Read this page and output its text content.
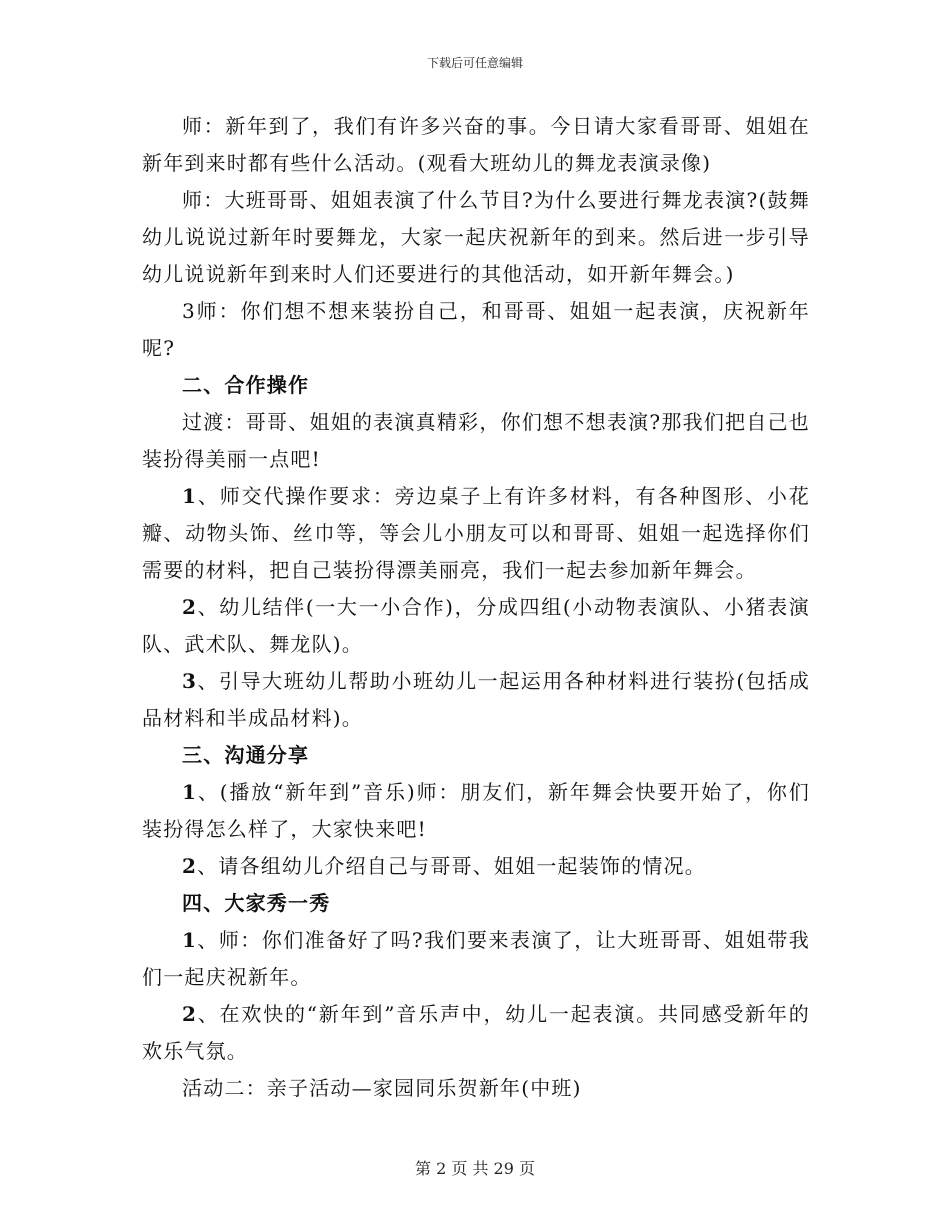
下载后可任意编辑

师：新年到了，我们有许多兴奋的事。今日请大家看哥哥、姐姐在新年到来时都有些什么活动。(观看大班幼儿的舞龙表演录像)

师：大班哥哥、姐姐表演了什么节目?为什么要进行舞龙表演?(鼓舞幼儿说说过新年时要舞龙，大家一起庆祝新年的到来。然后进一步引导幼儿说说新年到来时人们还要进行的其他活动，如开新年舞会。)

3师：你们想不想来装扮自己，和哥哥、姐姐一起表演，庆祝新年呢?

二、合作操作

过渡：哥哥、姐姐的表演真精彩，你们想不想表演?那我们把自己也装扮得美丽一点吧!

1、师交代操作要求：旁边桌子上有许多材料，有各种图形、小花瓣、动物头饰、丝巾等，等会儿小朋友可以和哥哥、姐姐一起选择你们需要的材料，把自己装扮得漂美丽亮，我们一起去参加新年舞会。

2、幼儿结伴(一大一小合作)，分成四组(小动物表演队、小猪表演队、武术队、舞龙队)。

3、引导大班幼儿帮助小班幼儿一起运用各种材料进行装扮(包括成品材料和半成品材料)。

三、沟通分享

1、(播放“新年到”音乐)师：朋友们，新年舞会快要开始了，你们装扮得怎么样了，大家快来吧!

2、请各组幼儿介绍自己与哥哥、姐姐一起装饰的情况。

四、大家秀一秀

1、师：你们准备好了吗?我们要来表演了，让大班哥哥、姐姐带我们一起庆祝新年。

2、在欢快的“新年到”音乐声中，幼儿一起表演。共同感受新年的欢乐气氛。

活动二：亲子活动—家园同乐贺新年(中班)

第 2 页 共 29 页
